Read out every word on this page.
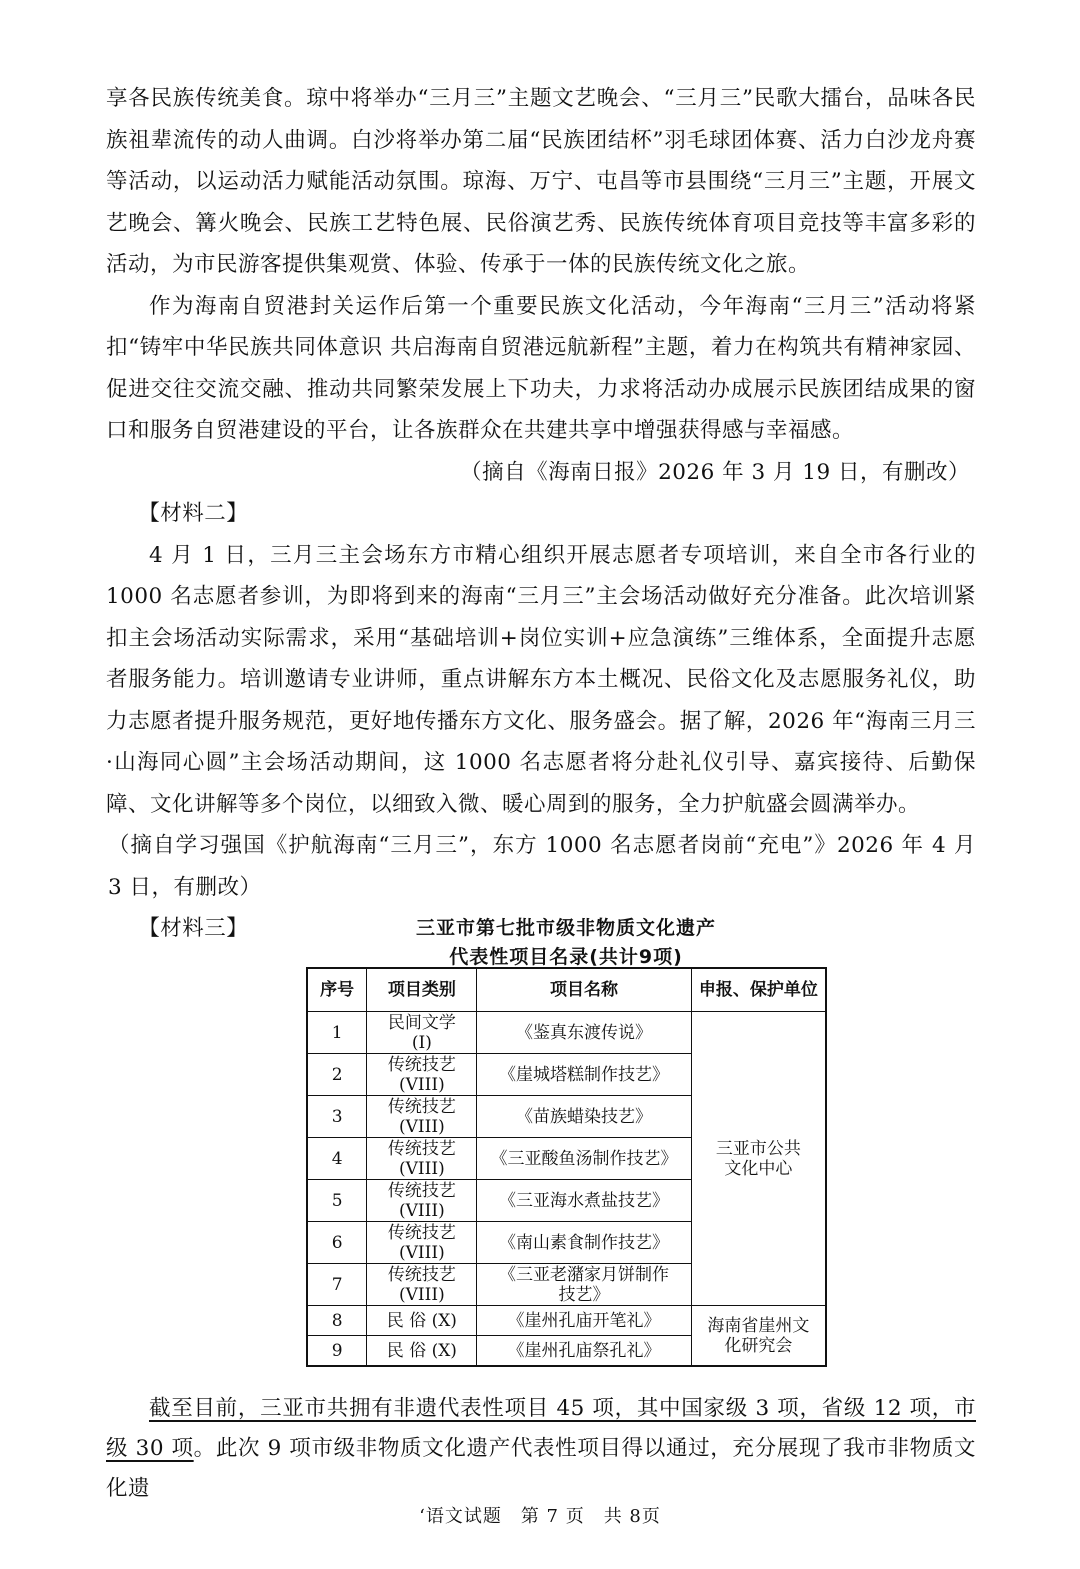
享各民族传统美食。琼中将举办“三月三”主题文艺晚会、“三月三”民歌大擂台，品味各民族祖辈流传的动人曲调。白沙将举办第二届“民族团结杯”羽毛球团体赛、活力白沙龙舟赛等活动，以运动活力赋能活动氛围。琼海、万宁、屯昌等市县围绕“三月三”主题，开展文艺晚会、篝火晚会、民族工艺特色展、民俗演艺秀、民族传统体育项目竞技等丰富多彩的活动，为市民游客提供集观赏、体验、传承于一体的民族传统文化之旅。

作为海南自贸港封关运作后第一个重要民族文化活动，今年海南“三月三”活动将紧扣“铸牢中华民族共同体意识 共启海南自贸港远航新程”主题，着力在构筑共有精神家园、促进交往交流交融、推动共同繁荣发展上下功夫，力求将活动办成展示民族团结成果的窗口和服务自贸港建设的平台，让各族群众在共建共享中增强获得感与幸福感。

（摘自《海南日报》2026 年 3 月 19 日，有删改）

【材料二】

4 月 1 日，三月三主会场东方市精心组织开展志愿者专项培训，来自全市各行业的 1000 名志愿者参训，为即将到来的海南“三月三”主会场活动做好充分准备。此次培训紧扣主会场活动实际需求，采用“基础培训+岗位实训+应急演练”三维体系，全面提升志愿者服务能力。培训邀请专业讲师，重点讲解东方本土概况、民俗文化及志愿服务礼仪，助力志愿者提升服务规范，更好地传播东方文化、服务盛会。据了解，2026 年“海南三月三·山海同心圆”主会场活动期间，这 1000 名志愿者将分赴礼仪引导、嘉宾接待、后勤保障、文化讲解等多个岗位，以细致入微、暖心周到的服务，全力护航盛会圆满举办。

（摘自学习强国《护航海南“三月三”，东方 1000 名志愿者岗前“充电”》2026 年 4 月 3 日，有删改）

【材料三】	三亚市第七批市级非物质文化遗产
代表性项目名录(共计9项)
序号	项目类别	项目名称	申报、保护单位
1	民间文学
(I)	《鉴真东渡传说》	三亚市公共
文化中心
2	传统技艺
(VIII)	《崖城塔糕制作技艺》	
3	传统技艺
(VIII)	《苗族蜡染技艺》	
4	传统技艺
(VIII)	《三亚酸鱼汤制作技艺》	
5	传统技艺
(VIII)	《三亚海水煮盐技艺》	
6	传统技艺
(VIII)	《南山素食制作技艺》	
7	传统技艺
(VIII)	《三亚老潴家月饼制作
技艺》	
8	民 俗 (X)	《崖州孔庙开笔礼》	海南省崖州文
化研究会
9	民 俗 (X)	《崖州孔庙祭孔礼》	

截至目前，三亚市共拥有非遗代表性项目 45 项，其中国家级 3 项，省级 12 项，市级 30 项。此次 9 项市级非物质文化遗产代表性项目得以通过，充分展现了我市非物质文化遗

‘语文试题　第 7 页　共 8页
